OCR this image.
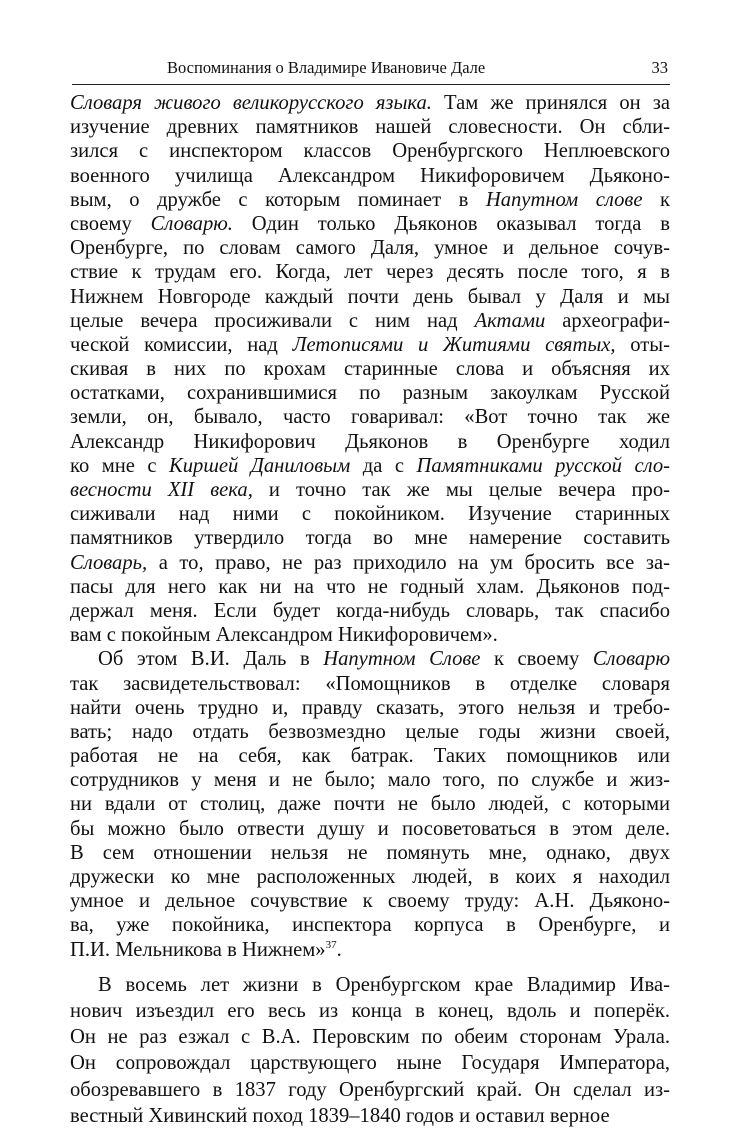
Воспоминания о Владимире Ивановиче Дале	33

Словаря живого великорусского языка. Там же принялся он за
изучение древних памятников нашей словесности. Он сбли-
зился с инспектором классов Оренбургского Неплюевского
военного училища Александром Никифоровичем Дьяконо-
вым, о дружбе с которым поминает в Напутном слове к
своему Словарю. Один только Дьяконов оказывал тогда в
Оренбурге, по словам самого Даля, умное и дельное сочув-
ствие к трудам его. Когда, лет через десять после того, я в
Нижнем Новгороде каждый почти день бывал у Даля и мы
целые вечера просиживали с ним над Актами археографи-
ческой комиссии, над Летописями и Житиями святых, оты-
скивая в них по крохам старинные слова и объясняя их
остатками, сохранившимися по разным закоулкам Русской
земли, он, бывало, часто говаривал: «Вот точно так же
Александр Никифорович Дьяконов в Оренбурге ходил
ко мне с Киршей Даниловым да с Памятниками русской сло-
весности XII века, и точно так же мы целые вечера про-
сиживали над ними с покойником. Изучение старинных
памятников утвердило тогда во мне намерение составить
Словарь, а то, право, не раз приходило на ум бросить все за-
пасы для него как ни на что не годный хлам. Дьяконов под-
держал меня. Если будет когда-нибудь словарь, так спасибо
вам с покойным Александром Никифоровичем».

Об этом В.И. Даль в Напутном Слове к своему Словарю
так засвидетельствовал: «Помощников в отделке словаря
найти очень трудно и, правду сказать, этого нельзя и требо-
вать; надо отдать безвозмездно целые годы жизни своей,
работая не на себя, как батрак. Таких помощников или
сотрудников у меня и не было; мало того, по службе и жиз-
ни вдали от столиц, даже почти не было людей, с которыми
бы можно было отвести душу и посоветоваться в этом деле.
В сем отношении нельзя не помянуть мне, однако, двух
дружески ко мне расположенных людей, в коих я находил
умное и дельное сочувствие к своему труду: А.Н. Дьяконо-
ва, уже покойника, инспектора корпуса в Оренбурге, и
П.И. Мельникова в Нижнем»$^{37}$.

В восемь лет жизни в Оренбургском крае Владимир Ива-
нович изъездил его весь из конца в конец, вдоль и поперёк.
Он не раз езжал с В.А. Перовским по обеим сторонам Урала.
Он сопровождал царствующего ныне Государя Императора,
обозревавшего в 1837 году Оренбургский край. Он сделал из-
вестный Хивинский поход 1839–1840 годов и оставил верное
